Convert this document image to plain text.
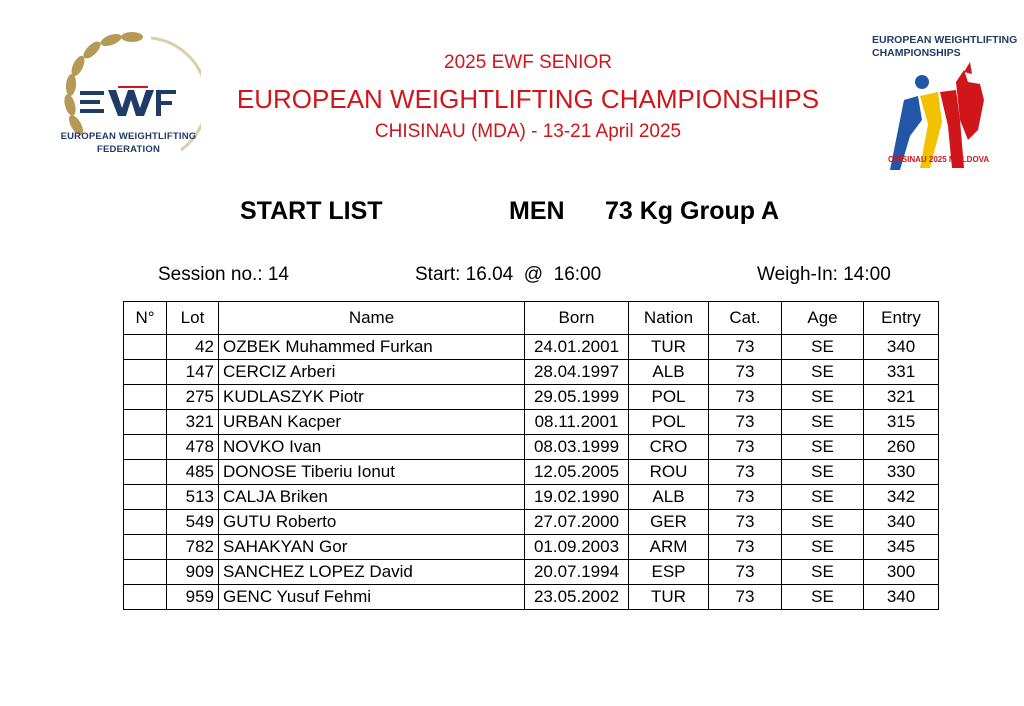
EUROPEAN WEIGHTLIFTING
FEDERATION
2025 EWF SENIOR
EUROPEAN WEIGHTLIFTING CHAMPIONSHIPS
CHISINAU (MDA) - 13-21 April 2025
EUROPEAN WEIGHTLIFTING
CHAMPIONSHIPS
CHISINAU 2025 MOLDOVA
START LIST	MEN 73 Kg Group A
Session no.: 14	Start: 16.04  @  16:00	Weigh-In: 14:00
N°	Lot	Name	Born	Nation	Cat.	Age	Entry
	42	OZBEK Muhammed Furkan	24.01.2001	TUR	73	SE	340
	147	CERCIZ Arberi	28.04.1997	ALB	73	SE	331
	275	KUDLASZYK Piotr	29.05.1999	POL	73	SE	321
	321	URBAN Kacper	08.11.2001	POL	73	SE	315
	478	NOVKO Ivan	08.03.1999	CRO	73	SE	260
	485	DONOSE Tiberiu Ionut	12.05.2005	ROU	73	SE	330
	513	CALJA Briken	19.02.1990	ALB	73	SE	342
	549	GUTU Roberto	27.07.2000	GER	73	SE	340
	782	SAHAKYAN Gor	01.09.2003	ARM	73	SE	345
	909	SANCHEZ LOPEZ David	20.07.1994	ESP	73	SE	300
	959	GENC Yusuf Fehmi	23.05.2002	TUR	73	SE	340
